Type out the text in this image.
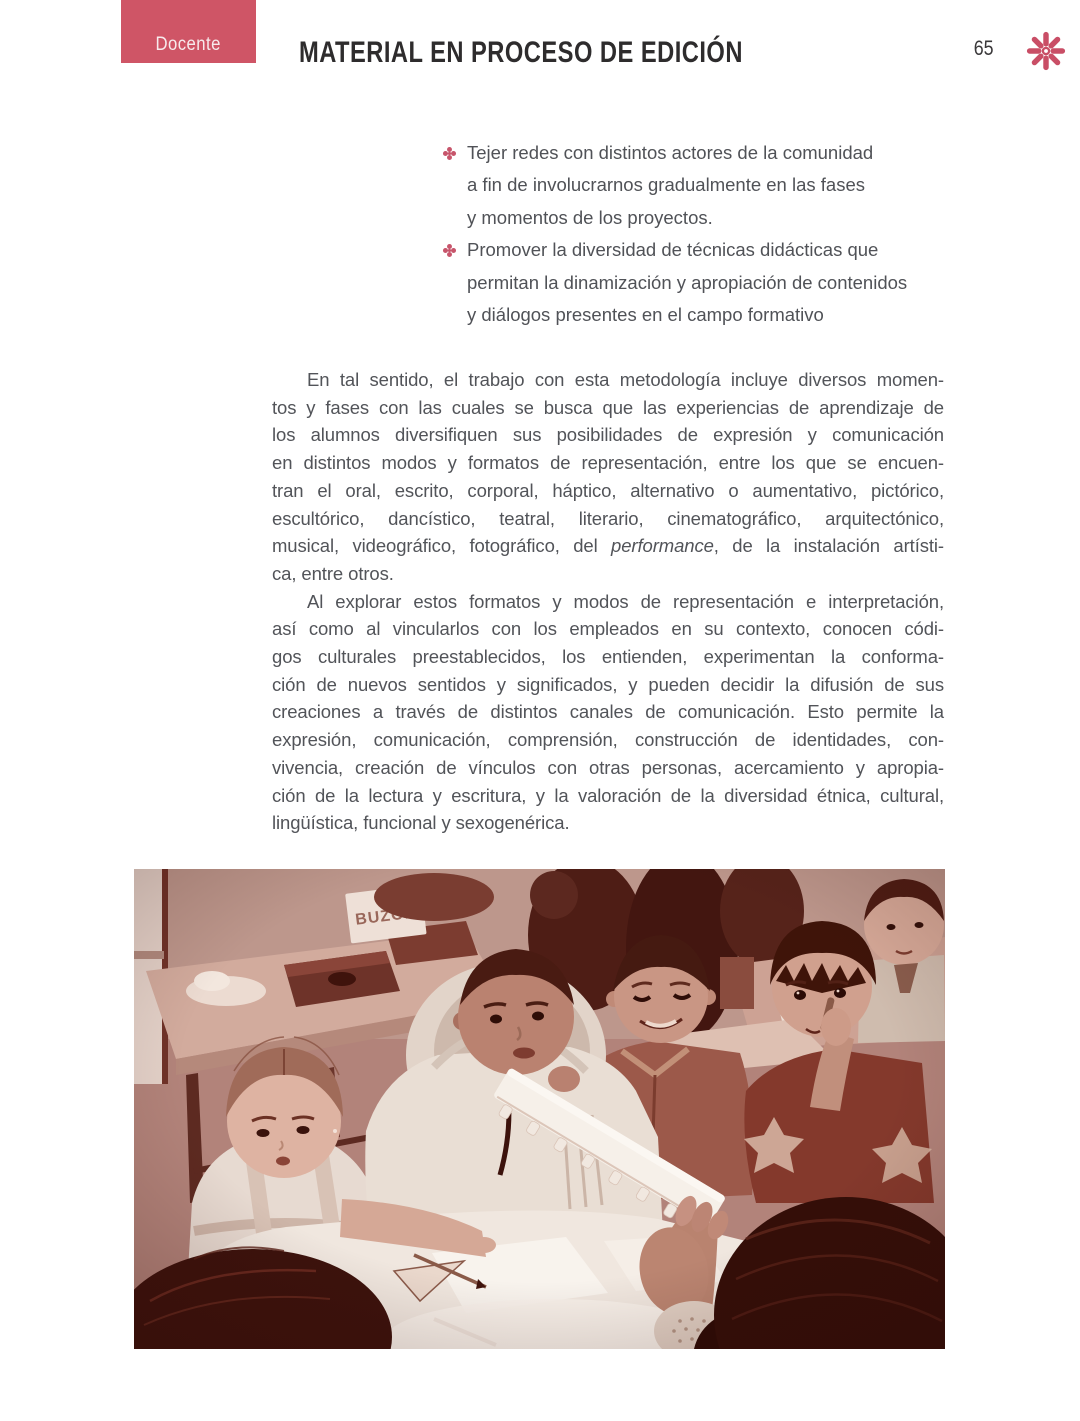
Docente	MATERIAL EN PROCESO DE EDICIÓN	65
Tejer redes con distintos actores de la comunidad
a fin de involucrarnos gradualmente en las fases
y momentos de los proyectos.
Promover la diversidad de técnicas didácticas que
permitan la dinamización y apropiación de contenidos
y diálogos presentes en el campo formativo
En tal sentido, el trabajo con esta metodología incluye diversos momen-
tos y fases con las cuales se busca que las experiencias de aprendizaje de
los alumnos diversifiquen sus posibilidades de expresión y comunicación
en distintos modos y formatos de representación, entre los que se encuen-
tran el oral, escrito, corporal, háptico, alternativo o aumentativo, pictórico,
escultórico, dancístico, teatral, literario, cinematográfico, arquitectónico,
musical, videográfico, fotográfico, del performance, de la instalación artísti-
ca, entre otros.
Al explorar estos formatos y modos de representación e interpretación,
así como al vincularlos con los empleados en su contexto, conocen códi-
gos culturales preestablecidos, los entienden, experimentan la conforma-
ción de nuevos sentidos y significados, y pueden decidir la difusión de sus
creaciones a través de distintos canales de comunicación. Esto permite la
expresión, comunicación, comprensión, construcción de identidades, con-
vivencia, creación de vínculos con otras personas, acercamiento y apropia-
ción de la lectura y escritura, y la valoración de la diversidad étnica, cultural,
lingüística, funcional y sexogenérica.
